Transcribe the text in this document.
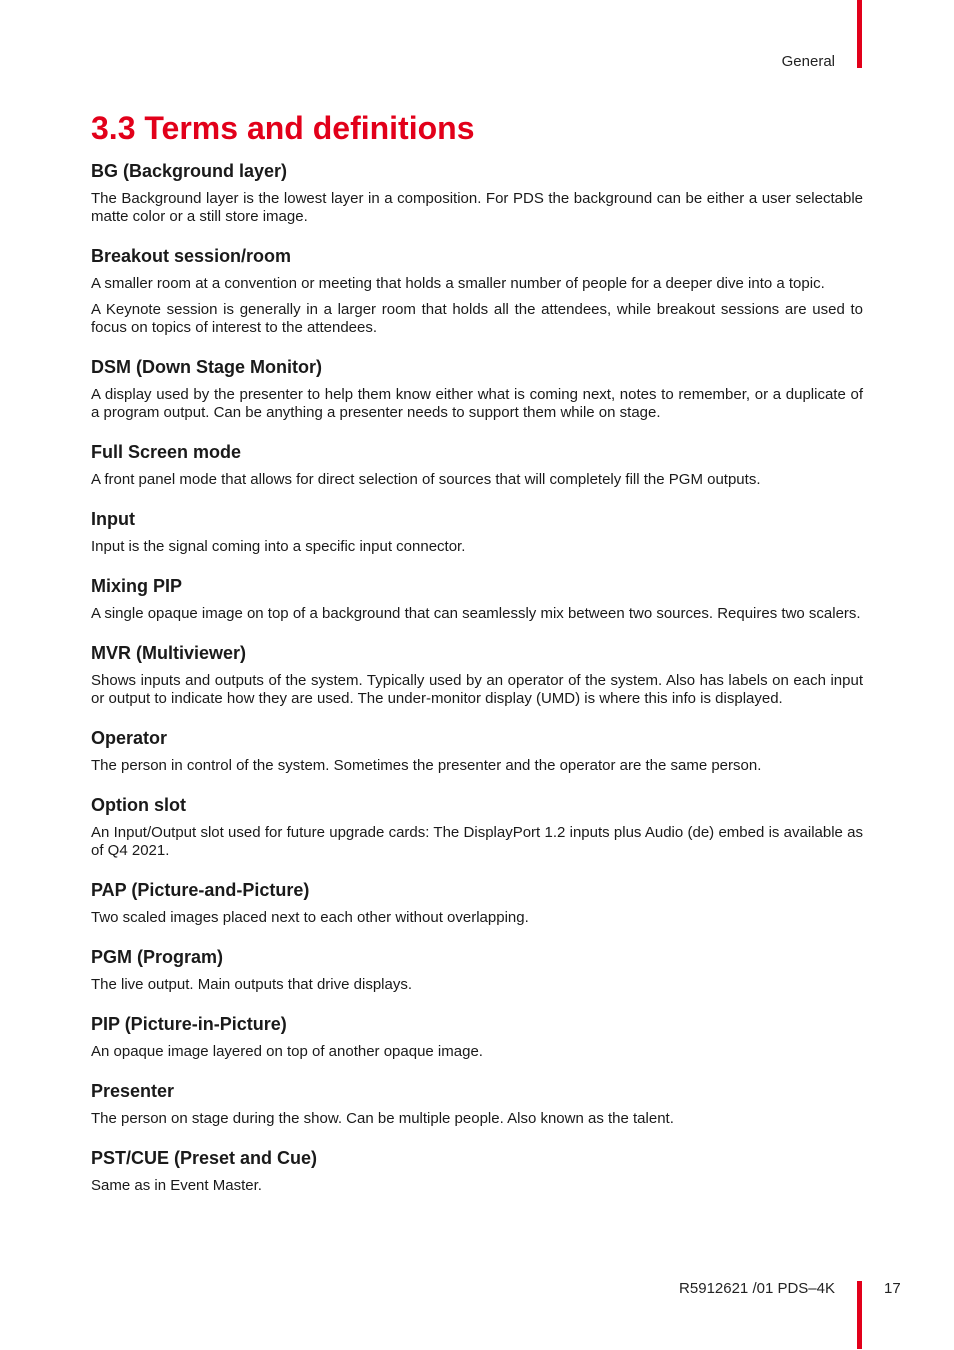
General
3.3 Terms and definitions
BG (Background layer)

The Background layer is the lowest layer in a composition. For PDS the background can be either a user selectable matte color or a still store image.

Breakout session/room

A smaller room at a convention or meeting that holds a smaller number of people for a deeper dive into a topic.

A Keynote session is generally in a larger room that holds all the attendees, while breakout sessions are used to focus on topics of interest to the attendees.

DSM (Down Stage Monitor)

A display used by the presenter to help them know either what is coming next, notes to remember, or a duplicate of a program output. Can be anything a presenter needs to support them while on stage.

Full Screen mode

A front panel mode that allows for direct selection of sources that will completely fill the PGM outputs.

Input

Input is the signal coming into a specific input connector.

Mixing PIP

A single opaque image on top of a background that can seamlessly mix between two sources. Requires two scalers.

MVR (Multiviewer)

Shows inputs and outputs of the system. Typically used by an operator of the system. Also has labels on each input or output to indicate how they are used. The under-monitor display (UMD) is where this info is displayed.

Operator

The person in control of the system. Sometimes the presenter and the operator are the same person.

Option slot

An Input/Output slot used for future upgrade cards: The DisplayPort 1.2 inputs plus Audio (de) embed is available as of Q4 2021.

PAP (Picture-and-Picture)

Two scaled images placed next to each other without overlapping.

PGM (Program)

The live output. Main outputs that drive displays.

PIP (Picture-in-Picture)

An opaque image layered on top of another opaque image.

Presenter

The person on stage during the show. Can be multiple people. Also known as the talent.

PST/CUE (Preset and Cue)

Same as in Event Master.

R5912621 /01 PDS–4K	17
